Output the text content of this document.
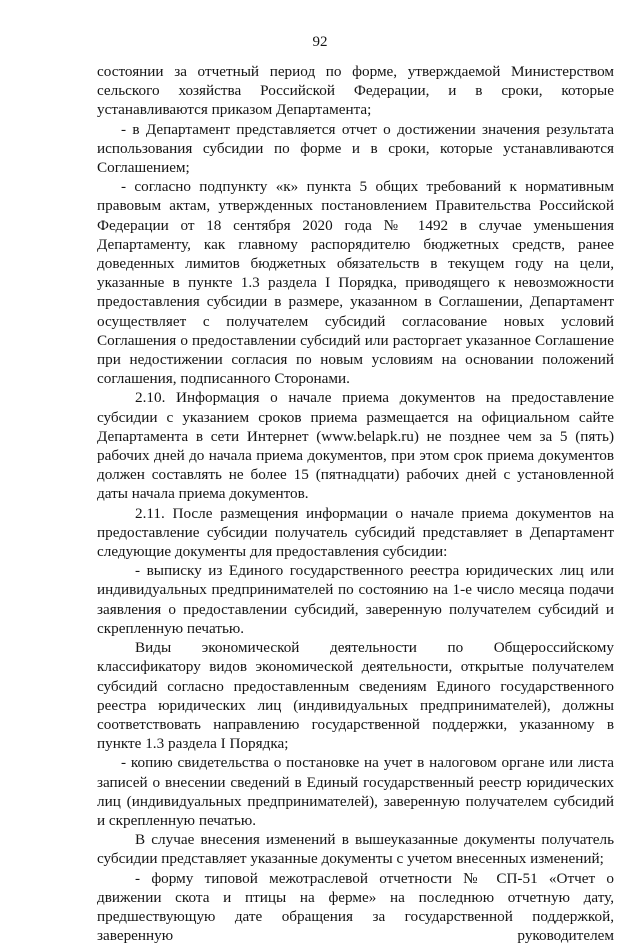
92

состоянии за отчетный период по форме, утверждаемой Министерством сельского хозяйства Российской Федерации, и в сроки, которые устанавливаются приказом Департамента;

- в Департамент представляется отчет о достижении значения результата использования субсидии по форме и в сроки, которые устанавливаются Соглашением;

- согласно подпункту «к» пункта 5 общих требований к нормативным правовым актам, утвержденных постановлением Правительства Российской Федерации от 18 сентября 2020 года № 1492 в случае уменьшения Департаменту, как главному распорядителю бюджетных средств, ранее доведенных лимитов бюджетных обязательств в текущем году на цели, указанные в пункте 1.3 раздела I Порядка, приводящего к невозможности предоставления субсидии в размере, указанном в Соглашении, Департамент осуществляет с получателем субсидий согласование новых условий Соглашения о предоставлении субсидий или расторгает указанное Соглашение при недостижении согласия по новым условиям на основании положений соглашения, подписанного Сторонами.

2.10. Информация о начале приема документов на предоставление субсидии с указанием сроков приема размещается на официальном сайте Департамента в сети Интернет (www.belapk.ru) не позднее чем за 5 (пять) рабочих дней до начала приема документов, при этом срок приема документов должен составлять не более 15 (пятнадцати) рабочих дней с установленной даты начала приема документов.

2.11. После размещения информации о начале приема документов на предоставление субсидии получатель субсидий представляет в Департамент следующие документы для предоставления субсидии:

- выписку из Единого государственного реестра юридических лиц или индивидуальных предпринимателей по состоянию на 1-е число месяца подачи заявления о предоставлении субсидий, заверенную получателем субсидий и скрепленную печатью.

Виды экономической деятельности по Общероссийскому классификатору видов экономической деятельности, открытые получателем субсидий согласно предоставленным сведениям Единого государственного реестра юридических лиц (индивидуальных предпринимателей), должны соответствовать направлению государственной поддержки, указанному в пункте 1.3 раздела I Порядка;

- копию свидетельства о постановке на учет в налоговом органе или листа записей о внесении сведений в Единый государственный реестр юридических лиц (индивидуальных предпринимателей), заверенную получателем субсидий и скрепленную печатью.

В случае внесения изменений в вышеуказанные документы получатель субсидии представляет указанные документы с учетом внесенных изменений;

- форму типовой межотраслевой отчетности № СП-51 «Отчет о движении скота и птицы на ферме» на последнюю отчетную дату, предшествующую дате обращения за государственной поддержкой, заверенную руководителем
